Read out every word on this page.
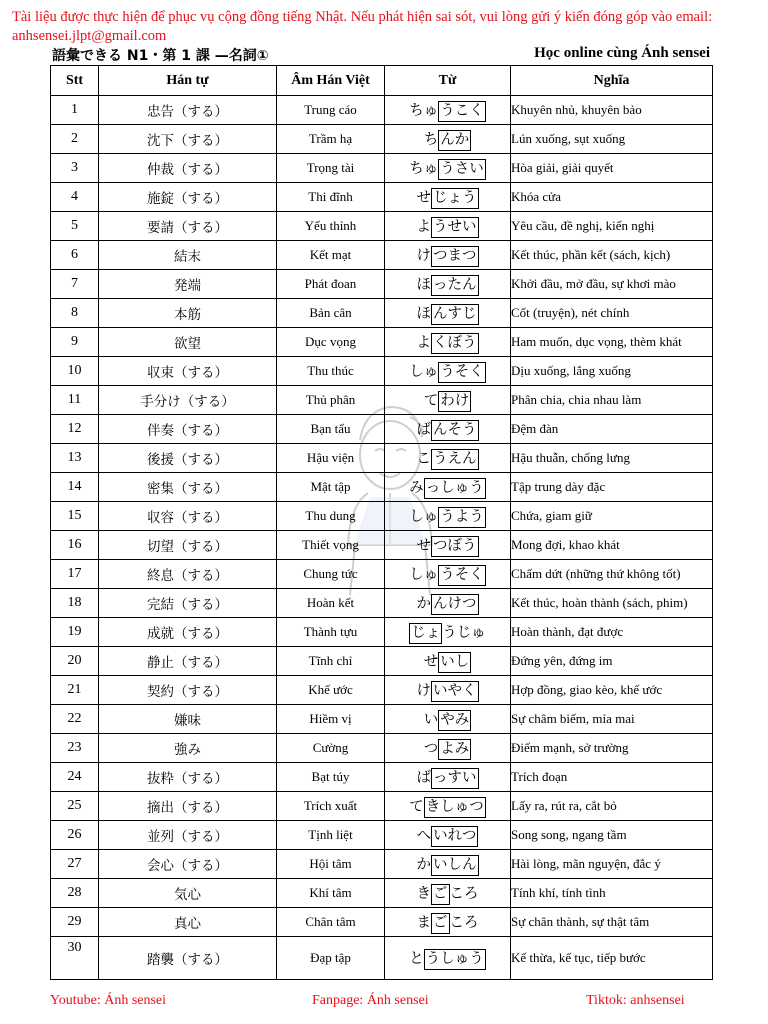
Tài liệu được thực hiện để phục vụ cộng đồng tiếng Nhật. Nếu phát hiện sai sót, vui lòng gửi ý kiến đóng góp vào email: anhsensei.jlpt@gmail.com
語彙できる N1・第 1 課 —名詞①	Học online cùng Ánh sensei
Stt	Hán tự	Âm Hán Việt	Từ	Nghĩa
1	忠告（する）	Trung cáo	ちゅ うこく	Khuyên nhủ, khuyên bảo
2	沈下（する）	Trầm hạ	ち んか	Lún xuống, sụt xuống
3	仲裁（する）	Trọng tài	ちゅ うさい	Hòa giải, giải quyết
4	施錠（する）	Thi đĩnh	せ じょう	Khóa cửa
5	要請（する）	Yếu thỉnh	よ うせい	Yêu cầu, đề nghị, kiến nghị
6	結末	Kết mạt	け つまつ	Kết thúc, phần kết (sách, kịch)
7	発端	Phát đoan	ほ ったん	Khởi đầu, mở đầu, sự khơi mào
8	本筋	Bản cân	ほ んすじ	Cốt (truyện), nét chính
9	欲望	Dục vọng	よ くぼう	Ham muốn, dục vọng, thèm khát
10	収束（する）	Thu thúc	しゅ うそく	Dịu xuống, lắng xuống
11	手分け（する）	Thủ phân	て わけ	Phân chia, chia nhau làm
12	伴奏（する）	Bạn tấu	ば んそう	Đệm đàn
13	後援（する）	Hậu viện	こ うえん	Hậu thuẫn, chống lưng
14	密集（する）	Mật tập	み っしゅう	Tập trung dày đặc
15	収容（する）	Thu dung	しゅ うよう	Chứa, giam giữ
16	切望（する）	Thiết vọng	せ つぼう	Mong đợi, khao khát
17	終息（する）	Chung tức	しゅ うそく	Chấm dứt (những thứ không tốt)
18	完結（する）	Hoàn kết	か んけつ	Kết thúc, hoàn thành (sách, phim)
19	成就（する）	Thành tựu	じょ うじゅ	Hoàn thành, đạt được
20	静止（する）	Tĩnh chỉ	せ いし	Đứng yên, đứng im
21	契約（する）	Khế ước	け いやく	Hợp đồng, giao kèo, khế ước
22	嫌味	Hiềm vị	い やみ	Sự châm biếm, mỉa mai
23	強み	Cường	つ よみ	Điểm mạnh, sở trường
24	抜粋（する）	Bạt túy	ば っすい	Trích đoạn
25	摘出（する）	Trích xuất	て きしゅつ	Lấy ra, rút ra, cắt bỏ
26	並列（する）	Tịnh liệt	へ いれつ	Song song, ngang tầm
27	会心（する）	Hội tâm	か いしん	Hài lòng, mãn nguyện, đắc ý
28	気心	Khí tâm	き ご ころ	Tính khí, tính tình
29	真心	Chân tâm	ま ご ころ	Sự chân thành, sự thật tâm
30	踏襲（する）	Đạp tập	と うしゅう	Kế thừa, kế tục, tiếp bước
Youtube: Ánh sensei	Fanpage: Ánh sensei	Tiktok: anhsensei
